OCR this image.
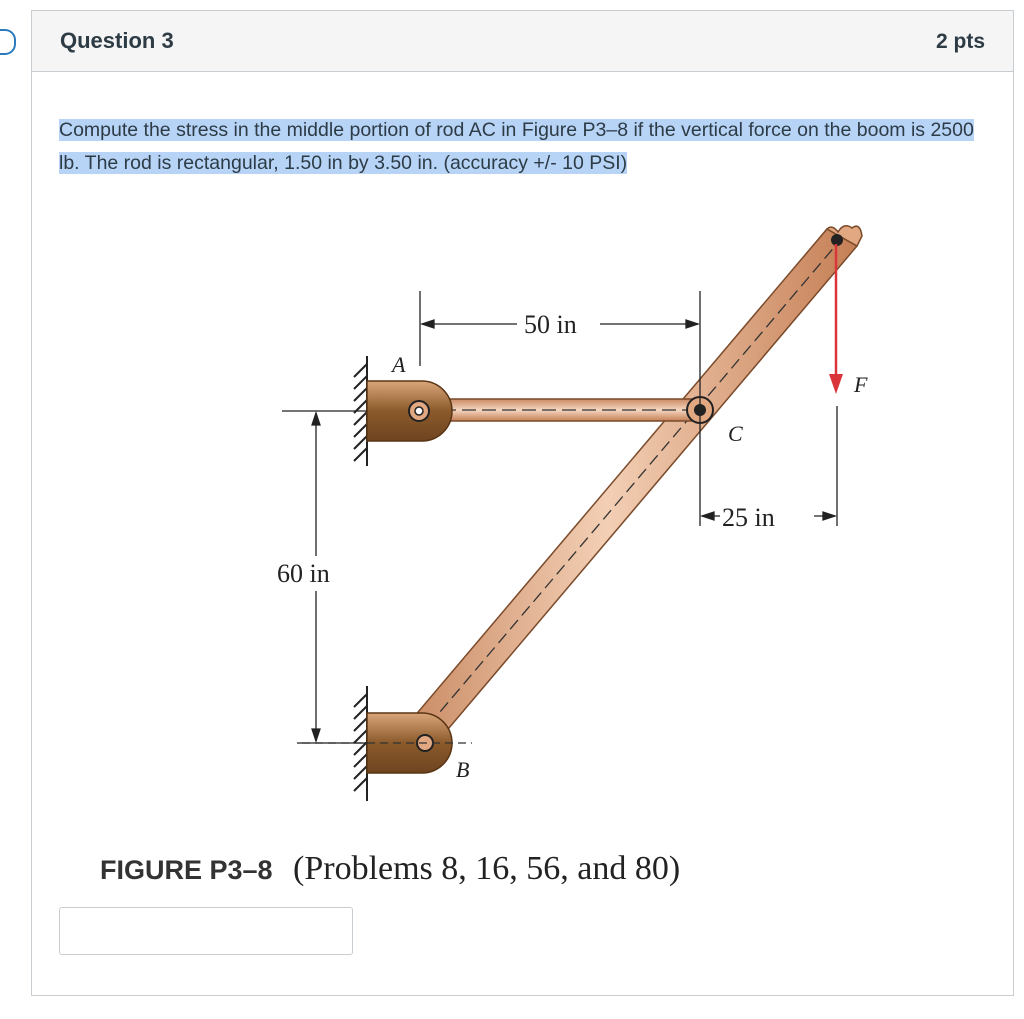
Question 3	2 pts
Compute the stress in the middle portion of rod AC in Figure P3–8 if the vertical force on the boom is 2500 lb. The rod is rectangular, 1.50 in by 3.50 in. (accuracy +/- 10 PSI)
50 in
25 in
60 in
A
C
B
F
FIGURE P3–8 (Problems 8, 16, 56, and 80)
